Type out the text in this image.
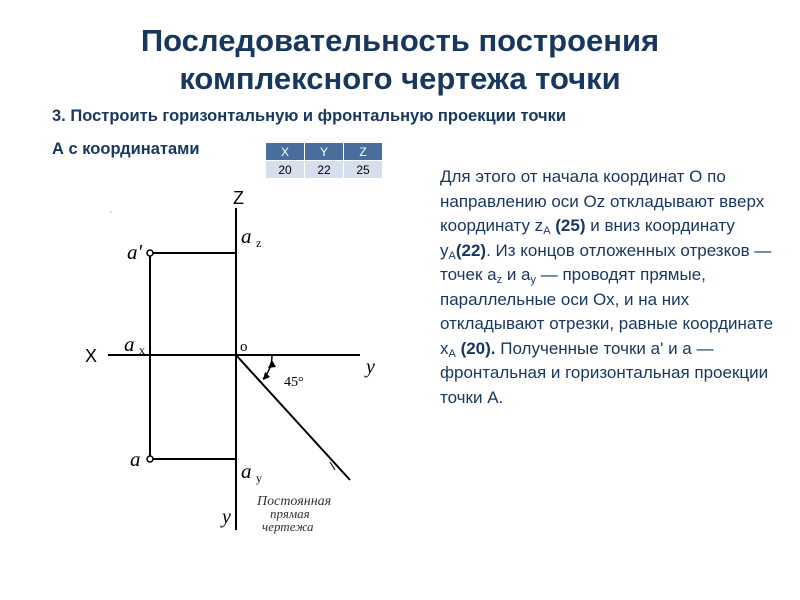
Последовательность построения
комплексного чертежа точки
3. Построить горизонтальную и фронтальную проекции точки
А с координатами	X	Y	Z
20	22	25	Для этого от начала координат О по направлению оси Оz откладывают вверх координату $z_A$ (25) и вниз координату $у_A(22)$. Из концов отложенных отрезков — точек $а_z$ и $а_y$ — проводят прямые, параллельные оси Ох, и на них откладывают отрезки, равные координате $х_A$ (20). Полученные точки а' и а — фронтальная и горизонтальная проекции точки А.
Z
X	y
y
o
a'
a
a x
a z
a y
45°
Постоянная
прямая
чертежа
